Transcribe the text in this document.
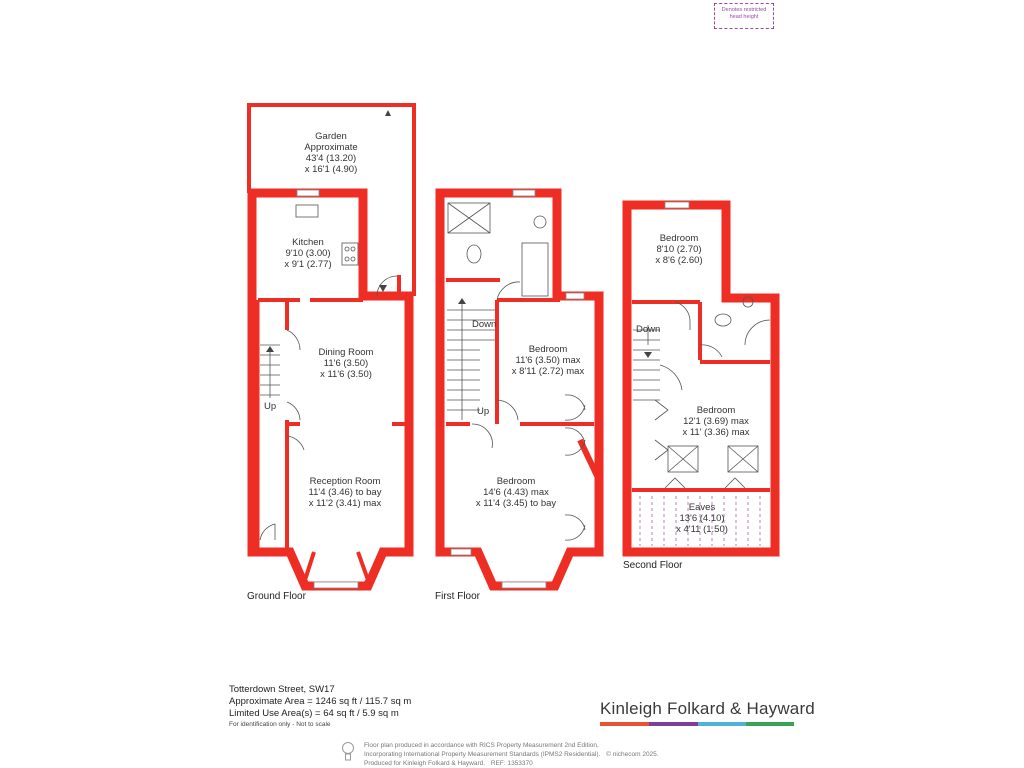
Garden Approximate 43'4 (13.20) x 16'1 (4.90)
Kitchen 9'10 (3.00) x 9'1 (2.77)
Dining Room 11'6 (3.50) x 11'6 (3.50)
Reception Room 11'4 (3.46) to bay x 11'2 (3.41) max
Bedroom 11'6 (3.50) max x 8'11 (2.72) max
Bedroom 14'6 (4.43) max x 11'4 (3.45) to bay
Bedroom 8'10 (2.70) x 8'6 (2.60)
Bedroom 12'1 (3.69) max x 11' (3.36) max
Eaves 13'6 (4.10) x 4'11 (1.50)
Up
Down
Up
Down
Ground Floor	First Floor
Second Floor
Denotes restricted head height
Totterdown Street, SW17
Approximate Area = 1246 sq ft / 115.7 sq m
Limited Use Area(s) = 64 sq ft / 5.9 sq m
For identification only - Not to scale
Kinleigh Folkard & Hayward
Floor plan produced in accordance with RICS Property Measurement 2nd Edition,
Incorporating International Property Measurement Standards (IPMS2 Residential). © nichecom 2025.
Produced for Kinleigh Folkard & Hayward. REF: 1353370
